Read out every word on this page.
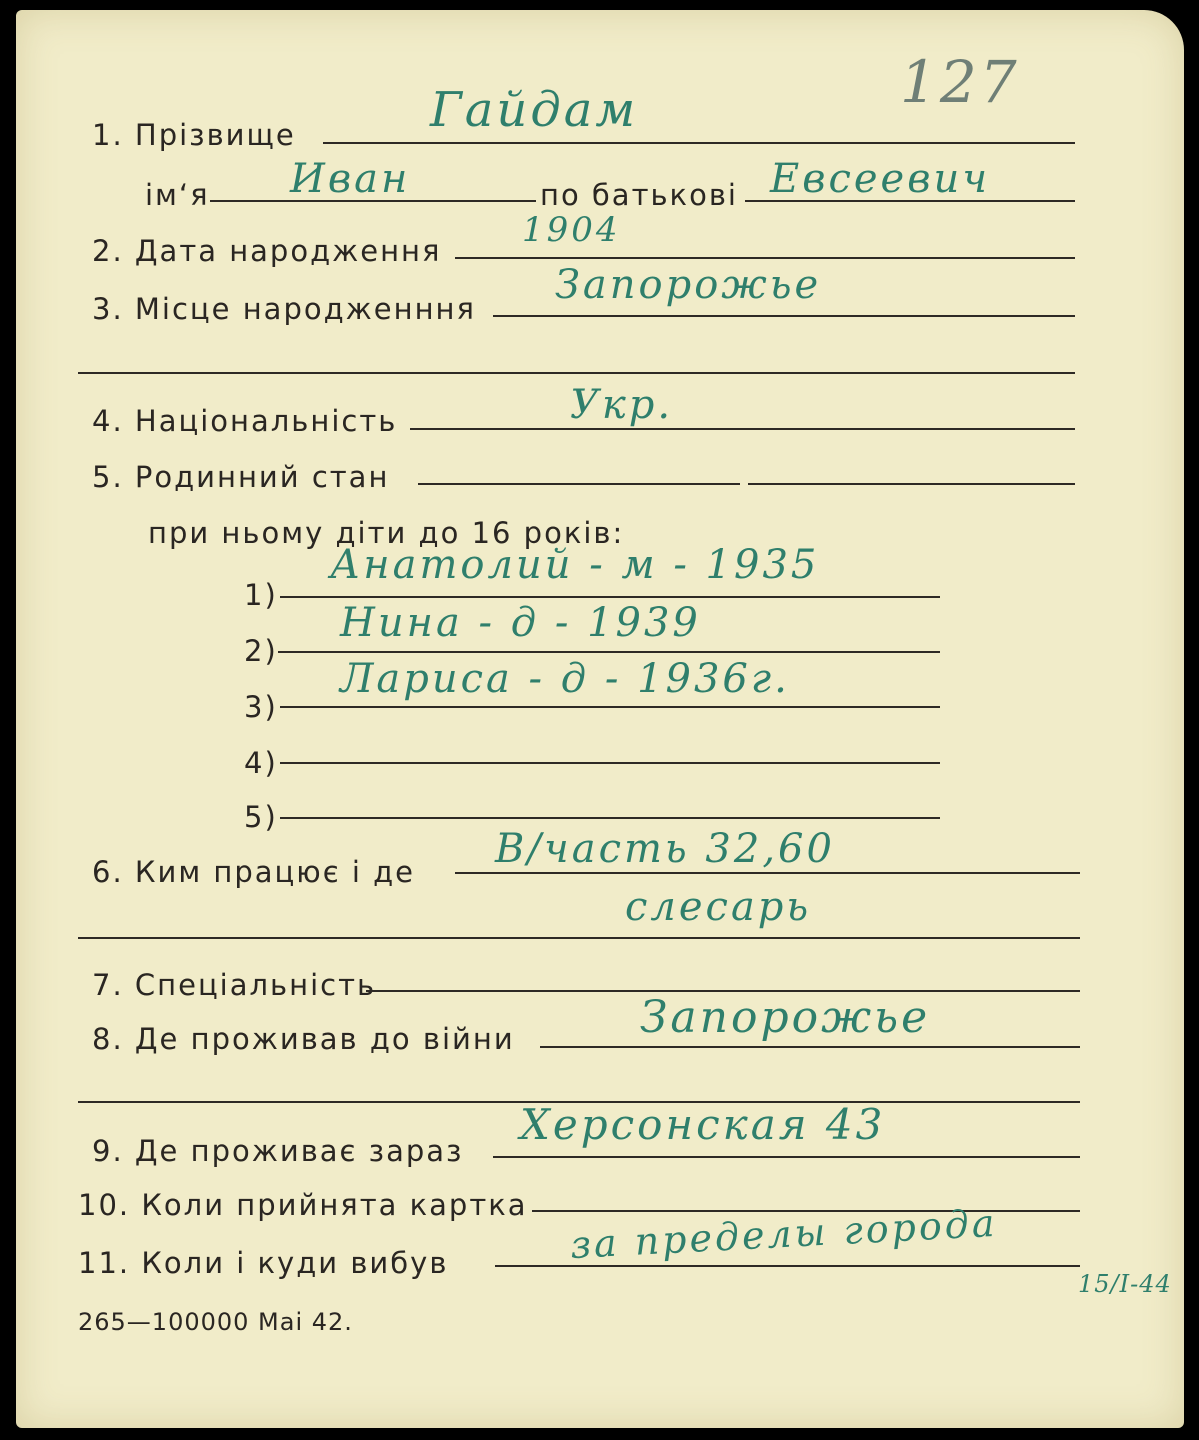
1. Прізвище
ім‘я	по батькові
2. Дата народження
3. Місце народженння
4. Національність
5. Родинний стан
при ньому діти до 16 років:
1)
2)
3)
4)
5)
6. Ким працює і де
7. Спеціальність
8. Де проживав до війни
9. Де проживає зараз
10. Коли прийнята картка
11. Коли і куди вибув
265—100000 Mai 42.
127
Гайдам
Иван	Евсеевич
1904
Запорожье
Укр.
Анатолий - м - 1935
Нина - д - 1939
Лариса - д - 1936г.
В/часть 32,60
слесарь
Запорожье
Херсонская 43
за пределы города
15/I-44
